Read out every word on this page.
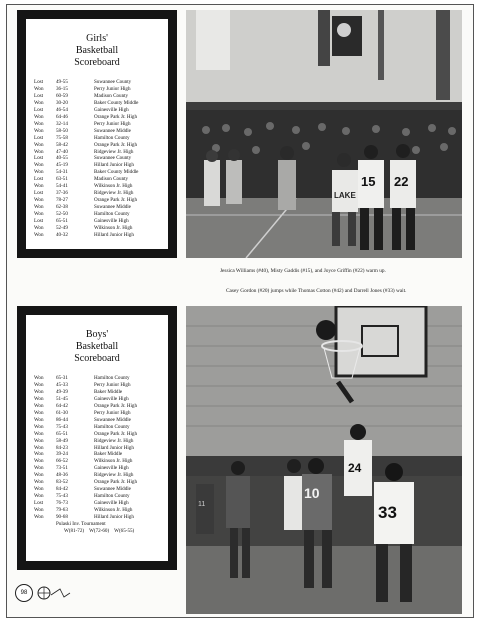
Girls'
Basketball
Scoreboard
Lost	49-55	Suwannee County
Won	36-15	Perry Junior High
Lost	60-59	Madison County
Won	30-20	Baker County Middle
Lost	46-54	Gainesville High
Won	64-46	Orange Park Jr. High
Won	32-14	Perry Junior High
Won	58-50	Suwannee Middle
Lost	75-58	Hamilton County
Won	58-42	Orange Park Jr. High
Won	47-40	Ridgeview Jr. High
Lost	40-55	Suwannee County
Won	45-19	Hillard Junior High
Won	54-31	Baker County Middle
Lost	63-51	Madison County
Won	54-41	Wilkinson Jr. High
Lost	37-36	Ridgeview Jr. High
Won	78-27	Orange Park Jr. High
Won	62-38	Suwannee Middle
Won	52-50	Hamilton County
Lost	65-51	Gainesville High
Won	52-49	Wilkinson Jr. High
Won	40-32	Hillard Junior High
Boys'
Basketball
Scoreboard
Won	65-31	Hamilton County
Won	45-33	Perry Junior High
Won	49-39	Baker Middle
Won	51-45	Gainesville High
Won	64-42	Orange Park Jr. High
Won	61-30	Perry Junior High
Won	86-44	Suwannee Middle
Won	75-43	Hamilton County
Won	65-51	Orange Park Jr. High
Won	58-49	Ridgeview Jr. High
Won	84-23	Hillard Junior High
Won	39-24	Baker Middle
Won	66-52	Wilkinson Jr. High
Won	73-51	Gainesville High
Won	48-36	Ridgeview Jr. High
Won	83-52	Orange Park Jr. High
Won	84-42	Suwannee Middle
Won	75-43	Hamilton County
Lost	76-73	Gainesville High
Won	79-63	Wilkinson Jr. High
Won	90-68	Hillard Junior High
Pulaski Inv. Tournament
W(81-72)    W(72-60)    W(65-55)
LAKE
15 22
Jessica Williams (#40), Misty Gaddis (#15), and Joyce Griffin (#22) warm up.
Casey Gordon (#20) jumps while Thomas Cotton (#42) and Darrell Jones (#33) wait.
11
10
24
33
98
